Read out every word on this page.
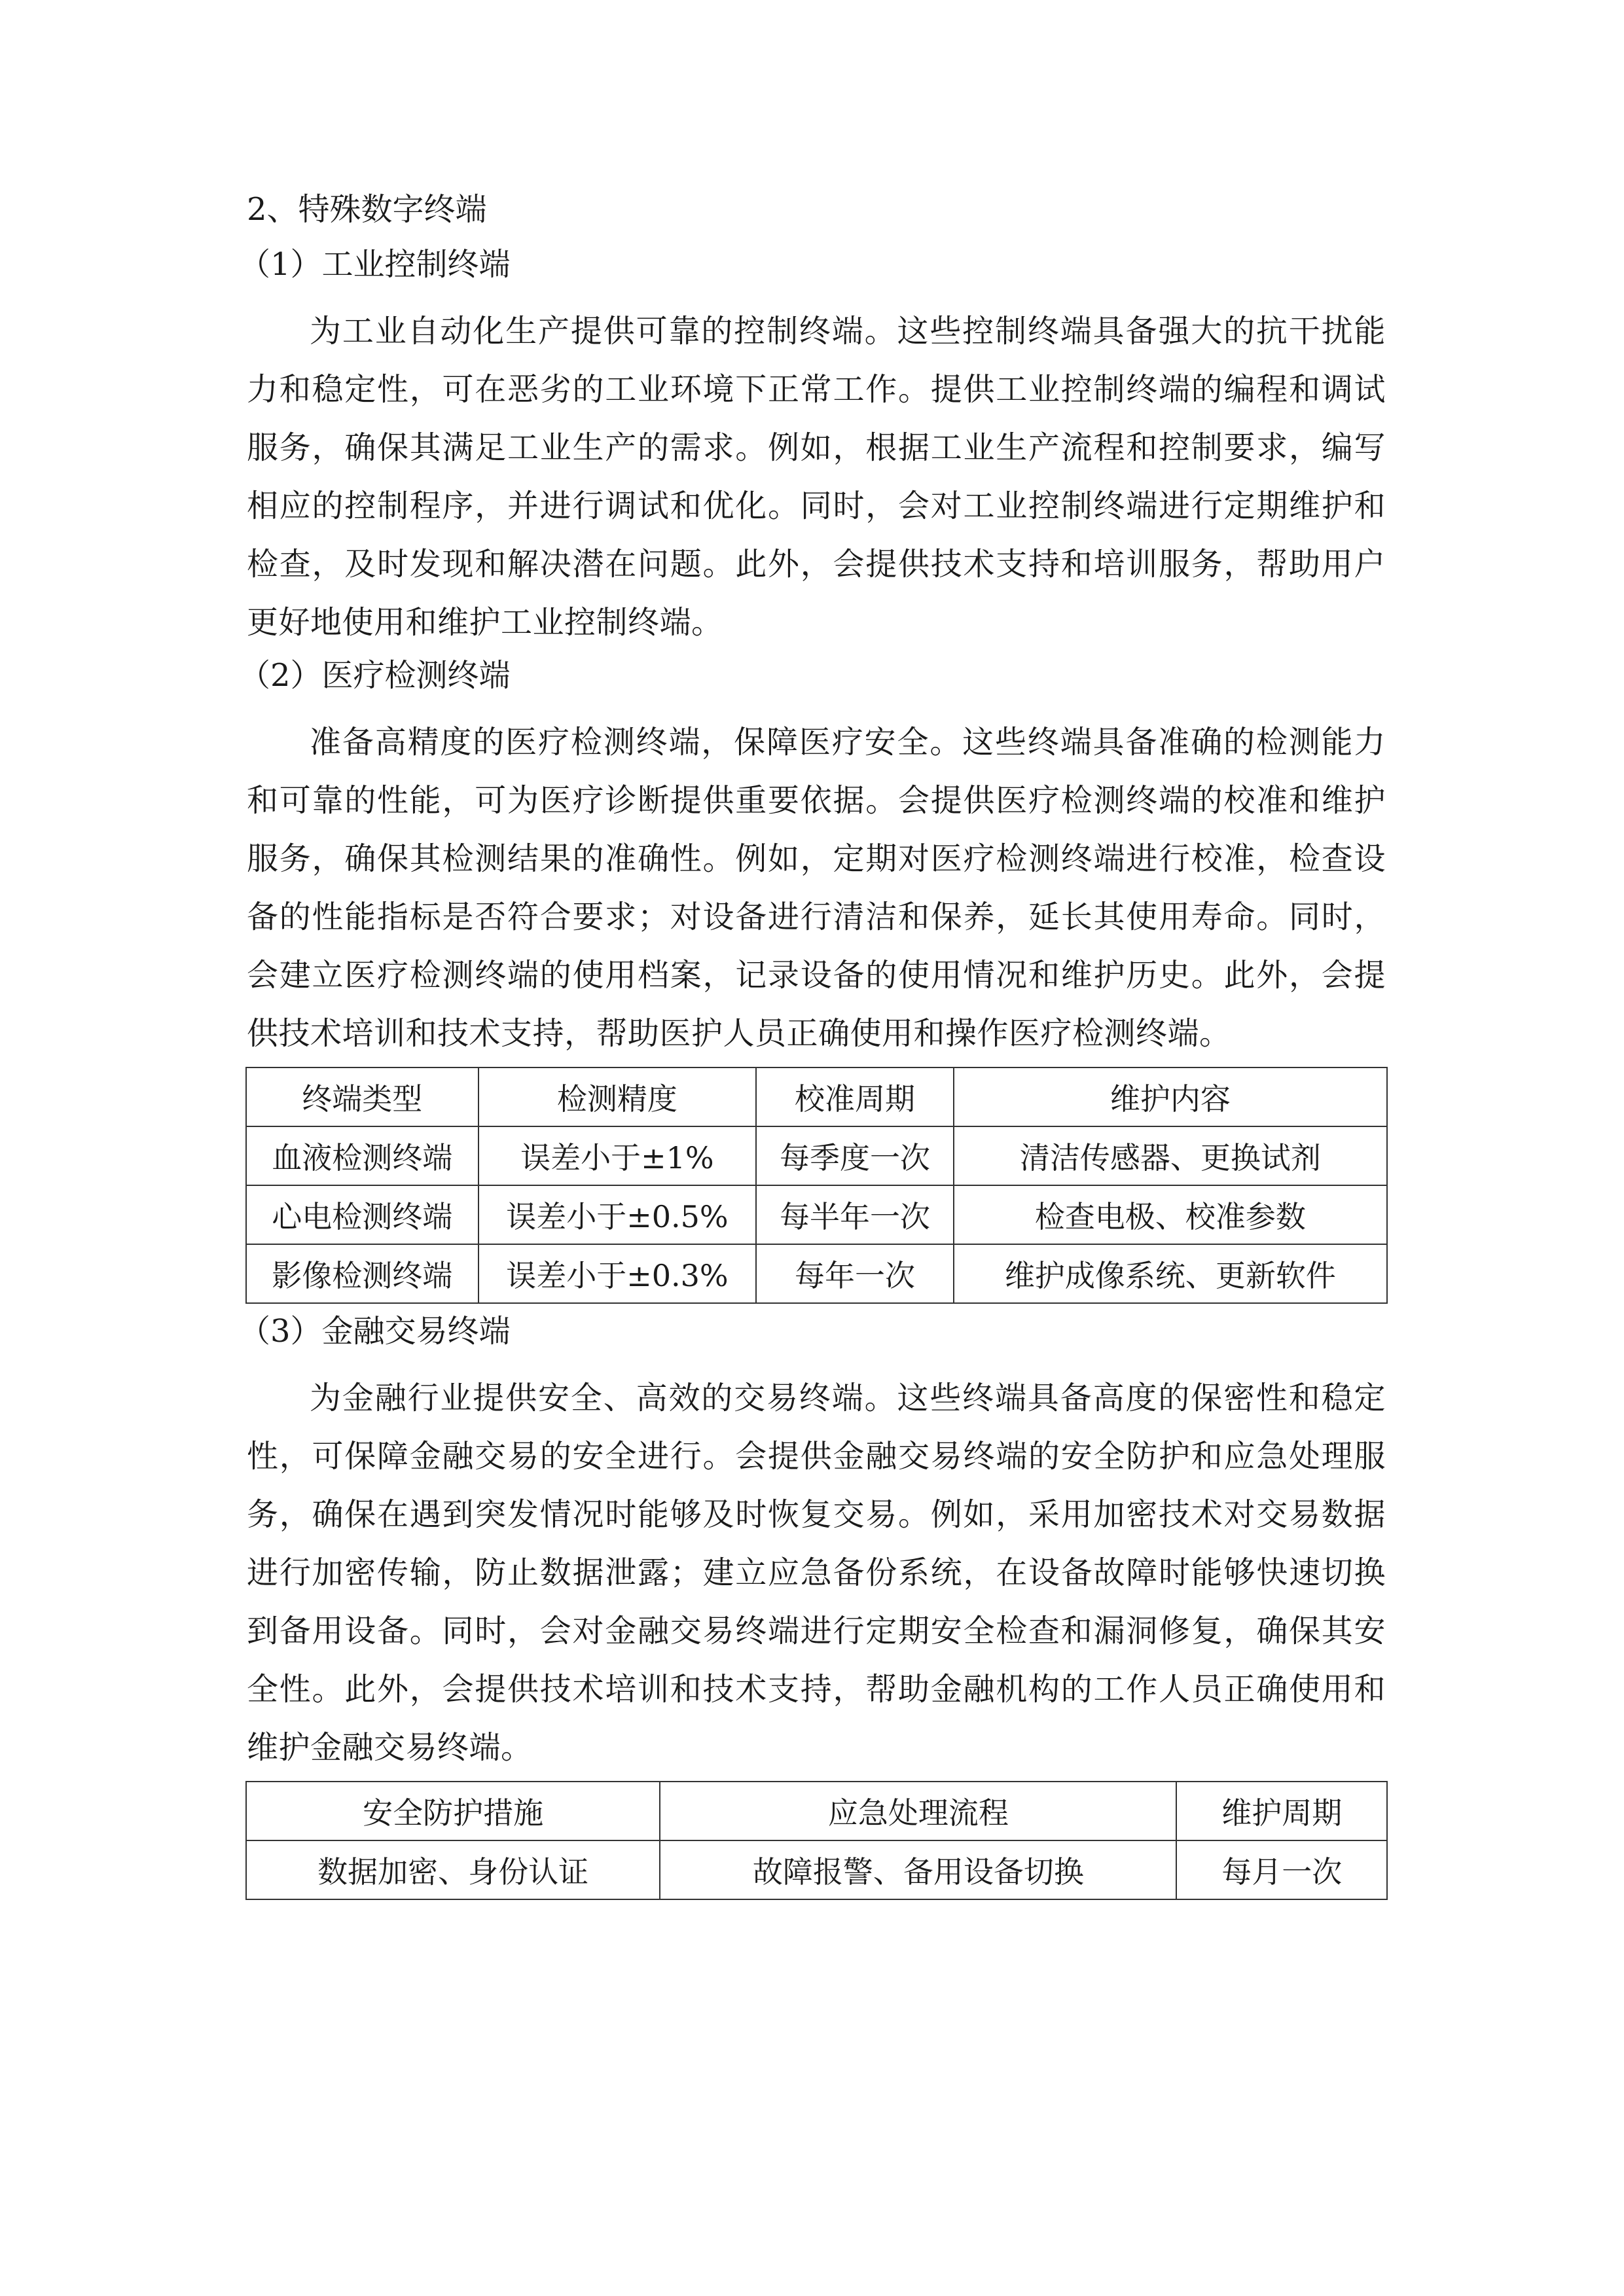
2、特殊数字终端
（1）工业控制终端

为工业自动化生产提供可靠的控制终端。这些控制终端具备强大的抗干扰能力和稳定性，可在恶劣的工业环境下正常工作。提供工业控制终端的编程和调试服务，确保其满足工业生产的需求。例如，根据工业生产流程和控制要求，编写相应的控制程序，并进行调试和优化。同时，会对工业控制终端进行定期维护和检查，及时发现和解决潜在问题。此外，会提供技术支持和培训服务，帮助用户更好地使用和维护工业控制终端。

（2）医疗检测终端

准备高精度的医疗检测终端，保障医疗安全。这些终端具备准确的检测能力和可靠的性能，可为医疗诊断提供重要依据。会提供医疗检测终端的校准和维护服务，确保其检测结果的准确性。例如，定期对医疗检测终端进行校准，检查设备的性能指标是否符合要求；对设备进行清洁和保养，延长其使用寿命。同时，会建立医疗检测终端的使用档案，记录设备的使用情况和维护历史。此外，会提供技术培训和技术支持，帮助医护人员正确使用和操作医疗检测终端。

终端类型	检测精度	校准周期	维护内容
血液检测终端	误差小于±1%	每季度一次	清洁传感器、更换试剂
心电检测终端	误差小于±0.5%	每半年一次	检查电极、校准参数
影像检测终端	误差小于±0.3%	每年一次	维护成像系统、更新软件
（3）金融交易终端

为金融行业提供安全、高效的交易终端。这些终端具备高度的保密性和稳定性，可保障金融交易的安全进行。会提供金融交易终端的安全防护和应急处理服务，确保在遇到突发情况时能够及时恢复交易。例如，采用加密技术对交易数据进行加密传输，防止数据泄露；建立应急备份系统，在设备故障时能够快速切换到备用设备。同时，会对金融交易终端进行定期安全检查和漏洞修复，确保其安全性。此外，会提供技术培训和技术支持，帮助金融机构的工作人员正确使用和维护金融交易终端。

安全防护措施	应急处理流程	维护周期
数据加密、身份认证	故障报警、备用设备切换	每月一次
